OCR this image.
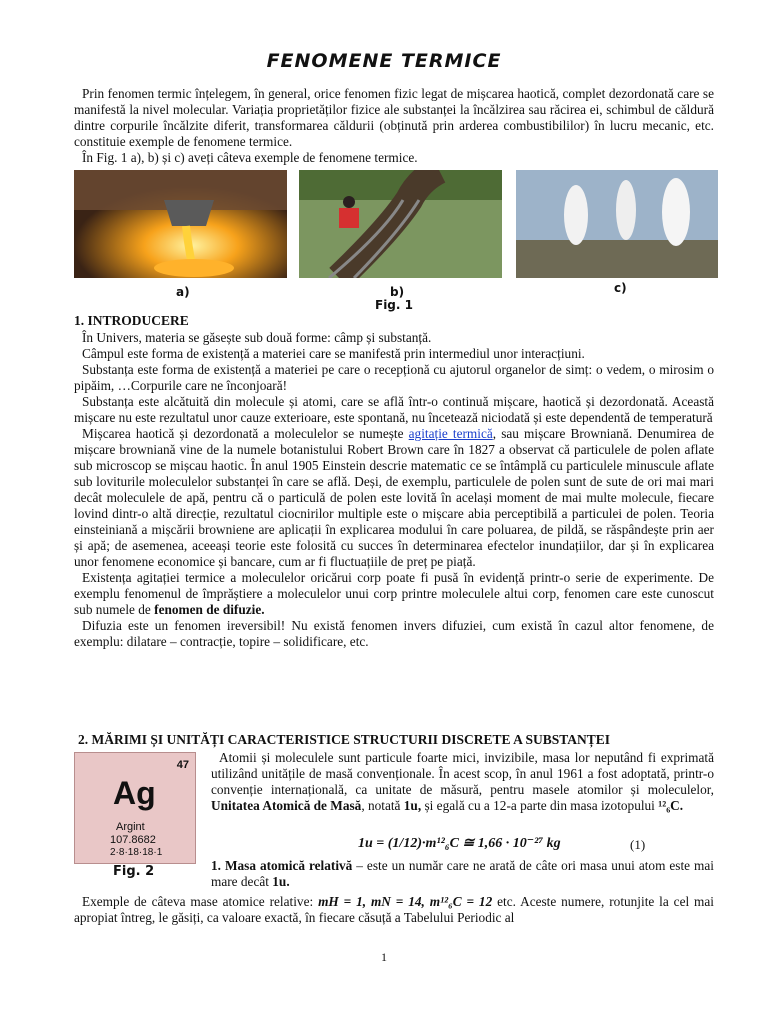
FENOMENE TERMICE

Prin fenomen termic înțelegem, în general, orice fenomen fizic legat de mișcarea haotică, complet dezordonată care se manifestă la nivel molecular. Variația proprietăților fizice ale substanței la încălzirea sau răcirea ei, schimbul de căldură dintre corpurile încălzite diferit, transformarea căldurii (obținută prin arderea combustibililor) în lucru mecanic, etc. constituie exemple de fenomene termice.

În Fig. 1 a), b) și c) aveți câteva exemple de fenomene termice.

a)	b)	c)
Fig. 1
1. INTRODUCERE

În Univers, materia se găsește sub două forme: câmp și substanță.

Câmpul este forma de existență a materiei care se manifestă prin intermediul unor interacțiuni.

Substanța este forma de existență a materiei pe care o recepționă cu ajutorul organelor de simț: o vedem, o mirosim o pipăim, …Corpurile care ne înconjoară!

Substanța este alcătuită din molecule și atomi, care se află într-o continuă mișcare, haotică și dezordonată. Această mișcare nu este rezultatul unor cauze exterioare, este spontană, nu încetează niciodată și este dependentă de temperatură

Mișcarea haotică și dezordonată a moleculelor se numește agitație termică, sau mișcare Browniană. Denumirea de mișcare browniană vine de la numele botanistului Robert Brown care în 1827 a observat că particulele de polen aflate sub microscop se mișcau haotic. În anul 1905 Einstein descrie matematic ce se întâmplă cu particulele minuscule aflate sub loviturile moleculelor substanței în care se află. Deși, de exemplu, particulele de polen sunt de sute de ori mai mari decât moleculele de apă, pentru că o particulă de polen este lovită în același moment de mai multe molecule, fiecare lovind dintr-o altă direcție, rezultatul ciocnirilor multiple este o mișcare abia perceptibilă a particulei de polen. Teoria einsteiniană a mișcării browniene are aplicații în explicarea modului în care poluarea, de pildă, se răspândește prin aer și apă; de asemenea, aceeași teorie este folosită cu succes în determinarea efectelor inundațiilor, dar și în explicarea unor fenomene economice și bancare, cum ar fi fluctuațiile de preț pe piață.

Existența agitației termice a moleculelor oricărui corp poate fi pusă în evidență printr-o serie de experimente. De exemplu fenomenul de împrăștiere a moleculelor unui corp printre moleculele altui corp, fenomen care este cunoscut sub numele de fenomen de difuzie.

Difuzia este un fenomen ireversibil! Nu există fenomen invers difuziei, cum există în cazul altor fenomene, de exemplu: dilatare – contracție, topire – solidificare, etc.

2. MĂRIMI ȘI UNITĂȚI CARACTERISTICE STRUCTURII DISCRETE A SUBSTANȚEI
47
Ag
Argint
107.8682
2·8·18·18·1
Fig. 2

Atomii și moleculele sunt particule foarte mici, invizibile, masa lor neputând fi exprimată utilizând unitățile de masă convenționale. În acest scop, în anul 1961 a fost adoptată, printr-o convenție internațională, ca unitate de măsură, pentru masele atomilor și moleculelor, Unitatea Atomică de Masă, notată 1u, și egală cu a 12-a parte din masa izotopului ¹²₆C.

1u = (1/12)·m¹²₆C ≅ 1,66 · 10⁻²⁷ kg	(1)

1. Masa atomică relativă – este un număr care ne arată de câte ori masa unui atom este mai mare decât 1u.

Exemple de câteva mase atomice relative: mH = 1, mN = 14, m¹²₆C = 12 etc. Aceste numere, rotunjite la cel mai apropiat întreg, le găsiți, ca valoare exactă, în fiecare căsuță a Tabelului Periodic al

1
